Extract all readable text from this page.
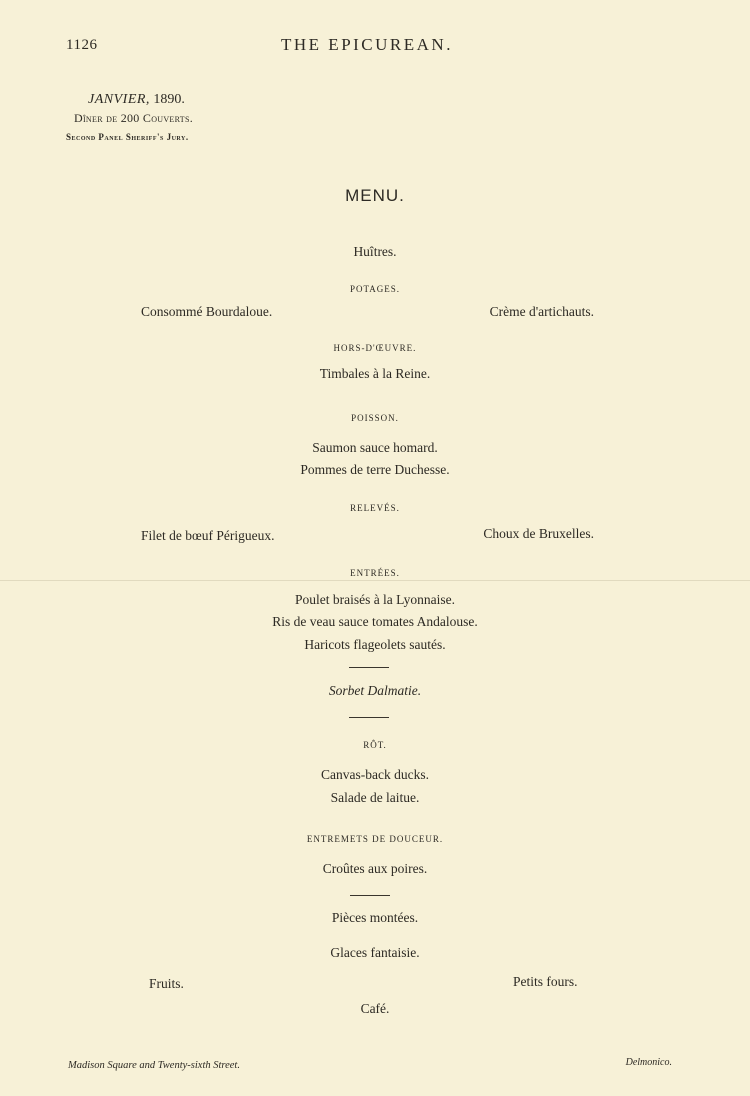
1126	THE EPICUREAN.
JANVIER, 1890.
Dîner de 200 Couverts.
Second Panel Sheriff's Jury.
MENU.
Huîtres.
POTAGES.
Consommé Bourdaloue.	Crème d'artichauts.
HORS-D'ŒUVRE.
Timbales à la Reine.
POISSON.
Saumon sauce homard.
Pommes de terre Duchesse.
RELEVÉS.
Filet de bœuf Périgueux.	Choux de Bruxelles.
ENTRÉES.
Poulet braisés à la Lyonnaise.
Ris de veau sauce tomates Andalouse.
Haricots flageolets sautés.
Sorbet Dalmatie.
RÔT.
Canvas-back ducks.
Salade de laitue.
ENTREMETS DE DOUCEUR.
Croûtes aux poires.
Pièces montées.
Glaces fantaisie.
Fruits.	Petits fours.
Café.
Madison Square and Twenty-sixth Street.	Delmonico.
